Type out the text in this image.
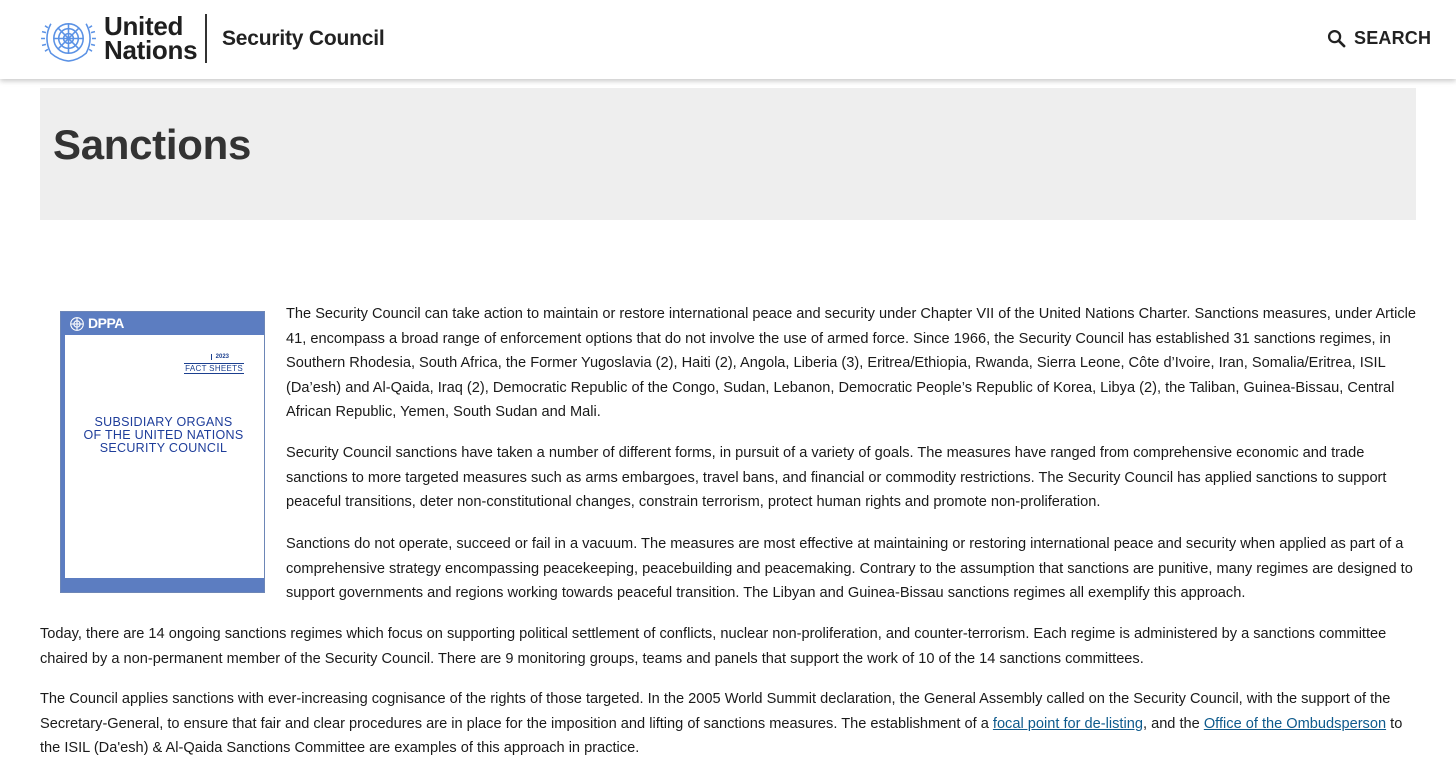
United
Nations Security Council	SEARCH
Sanctions
DPPA
2023
FACT SHEETS
SUBSIDIARY ORGANS
OF THE UNITED NATIONS
SECURITY COUNCIL

The Security Council can take action to maintain or restore international peace and security under Chapter VII of the United Nations Charter. Sanctions measures, under Article 41, encompass a broad range of enforcement options that do not involve the use of armed force. Since 1966, the Security Council has established 31 sanctions regimes, in Southern Rhodesia, South Africa, the Former Yugoslavia (2), Haiti (2), Angola, Liberia (3), Eritrea/Ethiopia, Rwanda, Sierra Leone, Côte d’Ivoire, Iran, Somalia/Eritrea, ISIL (Da’esh) and Al-Qaida, Iraq (2), Democratic Republic of the Congo, Sudan, Lebanon, Democratic People’s Republic of Korea, Libya (2), the Taliban, Guinea-Bissau, Central African Republic, Yemen, South Sudan and Mali.

Security Council sanctions have taken a number of different forms, in pursuit of a variety of goals. The measures have ranged from comprehensive economic and trade sanctions to more targeted measures such as arms embargoes, travel bans, and financial or commodity restrictions. The Security Council has applied sanctions to support peaceful transitions, deter non-constitutional changes, constrain terrorism, protect human rights and promote non-proliferation.

Sanctions do not operate, succeed or fail in a vacuum. The measures are most effective at maintaining or restoring international peace and security when applied as part of a comprehensive strategy encompassing peacekeeping, peacebuilding and peacemaking. Contrary to the assumption that sanctions are punitive, many regimes are designed to support governments and regions working towards peaceful transition. The Libyan and Guinea-Bissau sanctions regimes all exemplify this approach.

Today, there are 14 ongoing sanctions regimes which focus on supporting political settlement of conflicts, nuclear non-proliferation, and counter-terrorism. Each regime is administered by a sanctions committee chaired by a non-permanent member of the Security Council. There are 9 monitoring groups, teams and panels that support the work of 10 of the 14 sanctions committees.

The Council applies sanctions with ever-increasing cognisance of the rights of those targeted. In the 2005 World Summit declaration, the General Assembly called on the Security Council, with the support of the Secretary-General, to ensure that fair and clear procedures are in place for the imposition and lifting of sanctions measures. The establishment of a focal point for de-listing, and the Office of the Ombudsperson to the ISIL (Da'esh) & Al-Qaida Sanctions Committee are examples of this approach in practice.
